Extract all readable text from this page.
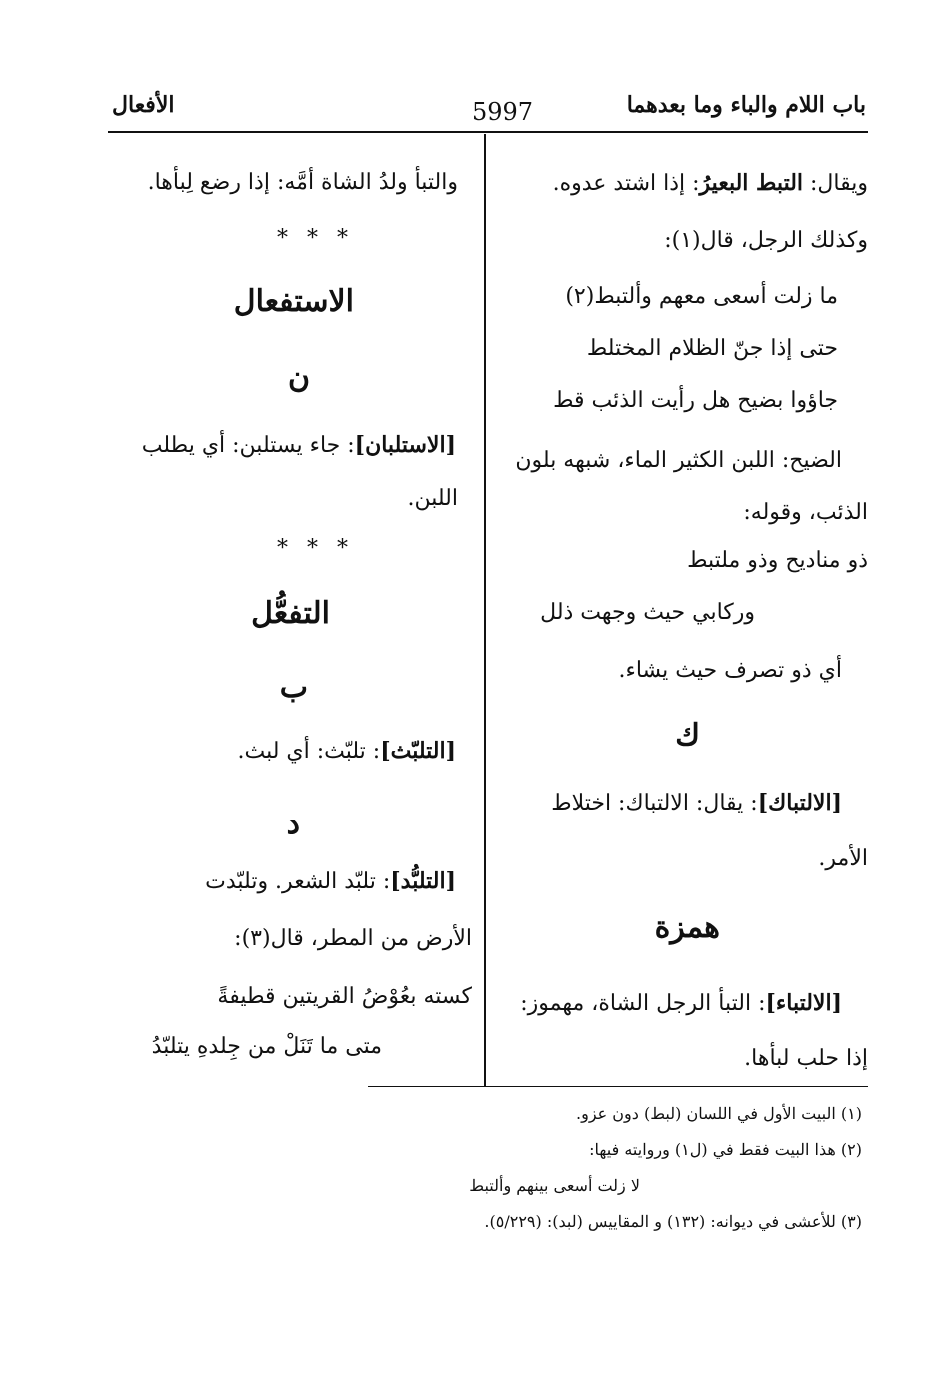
باب اللام والباء وما بعدهما
5997
الأفعال
ويقال: التبط البعيرُ: إذا اشتد عدوه.
وكذلك الرجل، قال(١):
ما زلت أسعى معهم وألتبط(٢)
حتى إذا جنّ الظلام المختلط
جاؤوا بضيح هل رأيت الذئب قط
الضيح: اللبن الكثير الماء، شبهه بلون
الذئب، وقوله:
ذو مناديح وذو ملتبط
وركابي حيث وجهت ذلل
أي ذو تصرف حيث يشاء.
ك
[الالتباك]: يقال: الالتباك: اختلاط
الأمر.
همزة
[الالتباء]: التبأ الرجل الشاة، مهموز:
إذا حلب لبأها.
والتبأ ولدُ الشاة أمَّه: إذا رضع لِبأها.
* * *
الاستفعال
ن
[الاستلبان]: جاء يستلبن: أي يطلب
اللبن.
* * *
التفعُّل
ب
[التلبّث]: تلبّث: أي لبث.
د
[التلبُّد]: تلبّد الشعر. وتلبّدت
الأرض من المطر، قال(٣):
كسته بعُوْضُ القريتين قطيفةً
متى ما تَنَلْ من جِلدهِ يتلبّدُ
(١) البيت الأول في اللسان (لبط) دون عزو.
(٢) هذا البيت فقط في (ل١) وروايته فيها:
لا زلت أسعى بينهم وألتبط
(٣) للأعشى في ديوانه: (١٣٢) و المقاييس (لبد): (٥/٢٢٩).
